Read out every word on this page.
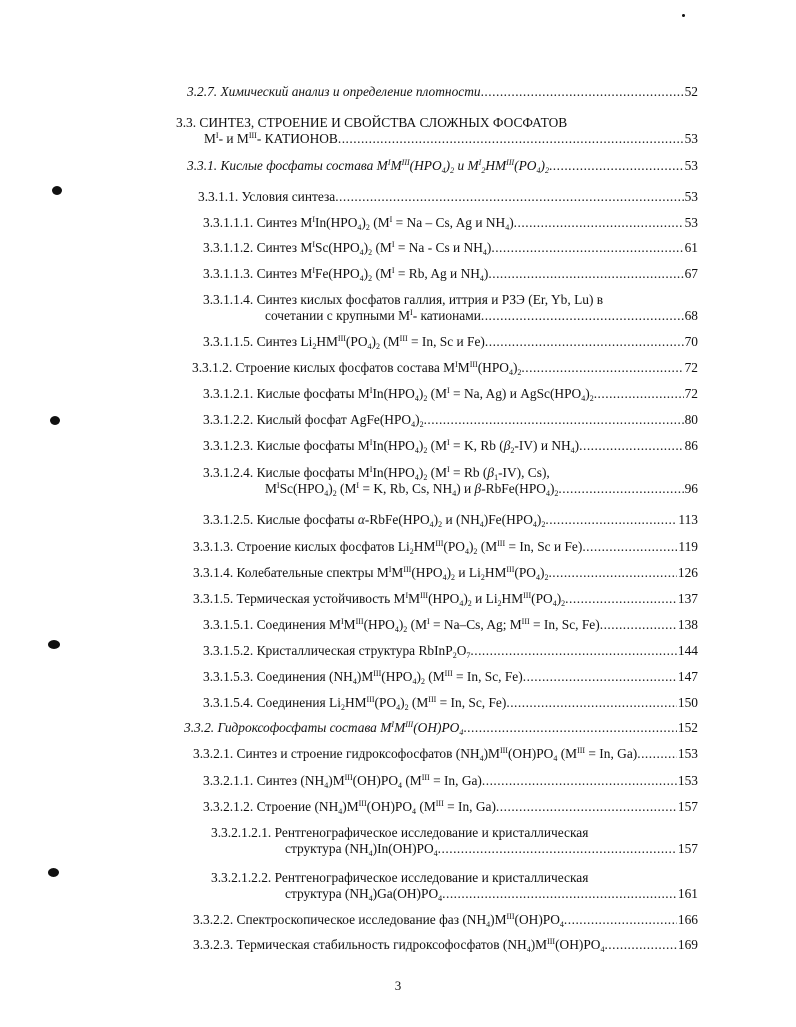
3.2.7. Химический анализ и определение плотности .....	52
3.3. СИНТЕЗ, СТРОЕНИЕ И СВОЙСТВА СЛОЖНЫХ ФОСФАТОВ
$M^I-$ и $M^{III}-$ КАТИОНОВ .....	53
3.3.1. Кислые фосфаты состава $M^IM^{III}(HPO_4)_2$ и $M^I_2HM^{III}(PO_4)_2$ .....	53
3.3.1.1. Условия синтеза .....	53
3.3.1.1.1. Синтез $M^IIn(HPO_4)_2$ ($M^I = Na - Cs$, Ag и $NH_4$) .....	53
3.3.1.1.2. Синтез $M^ISc(HPO_4)_2$ ($M^I = Na - Cs$ и $NH_4$) .....	61
3.3.1.1.3. Синтез $M^IFe(HPO_4)_2$ ($M^I = Rb$, Ag и $NH_4$) .....	67
3.3.1.1.4. Синтез кислых фосфатов галлия, иттрия и РЗЭ (Er, Yb, Lu) в
сочетании с крупными $M^I-$ катионами .....	68
3.3.1.1.5. Синтез $Li_2HM^{III}(PO_4)_2$ ($M^{III} = In$, Sc и Fe) .....	70
3.3.1.2. Строение кислых фосфатов состава $M^IM^{III}(HPO_4)_2$ .....	72
3.3.1.2.1. Кислые фосфаты $M^IIn(HPO_4)_2$ ($M^I = Na$, Ag) и $AgSc(HPO_4)_2$ .....	72
3.3.1.2.2. Кислый фосфат $AgFe(HPO_4)_2$ .....	80
3.3.1.2.3. Кислые фосфаты $M^IIn(HPO_4)_2$ ($M^I = K$, Rb $(\beta_2-IV)$ и $NH_4$) .....	86
3.3.1.2.4. Кислые фосфаты $M^IIn(HPO_4)_2$ ($M^I = Rb$ $(\beta_1-IV)$, Cs),
$M^ISc(HPO_4)_2$ ($M^I = K$, Rb, Cs, $NH_4$) и $\beta-RbFe(HPO_4)_2$ .....	96
3.3.1.2.5. Кислые фосфаты $\alpha-RbFe(HPO_4)_2$ и $(NH_4)Fe(HPO_4)_2$ .....	113
3.3.1.3. Строение кислых фосфатов $Li_2HM^{III}(PO_4)_2$ ($M^{III} = In$, Sc и Fe) .....	119
3.3.1.4. Колебательные спектры $M^IM^{III}(HPO_4)_2$ и $Li_2HM^{III}(PO_4)_2$ .....	126
3.3.1.5. Термическая устойчивость $M^IM^{III}(HPO_4)_2$ и $Li_2HM^{III}(PO_4)_2$ .....	137
3.3.1.5.1. Соединения $M^IM^{III}(HPO_4)_2$ ($M^I = Na-Cs$, Ag; $M^{III} = In$, Sc, Fe) .....	138
3.3.1.5.2. Кристаллическая структура $RbInP_2O_7$ .....	144
3.3.1.5.3. Соединения $(NH_4)M^{III}(HPO_4)_2$ ($M^{III} = In$, Sc, Fe) .....	147
3.3.1.5.4. Соединения $Li_2HM^{III}(PO_4)_2$ ($M^{III} = In$, Sc, Fe) .....	150
3.3.2. Гидроксофосфаты состава $M^IM^{III}(OH)PO_4$ .....	152
3.3.2.1. Синтез и строение гидроксофосфатов $(NH_4)M^{III}(OH)PO_4$ ($M^{III} = In$, Ga) .....	153
3.3.2.1.1. Синтез $(NH_4)M^{III}(OH)PO_4$ ($M^{III} = In$, Ga) .....	153
3.3.2.1.2. Строение $(NH_4)M^{III}(OH)PO_4$ ($M^{III} = In$, Ga) .....	157
3.3.2.1.2.1. Рентгенографическое исследование и кристаллическая
структура $(NH_4)In(OH)PO_4$ .....	157
3.3.2.1.2.2. Рентгенографическое исследование и кристаллическая
структура $(NH_4)Ga(OH)PO_4$ .....	161
3.3.2.2. Спектроскопическое исследование фаз $(NH_4)M^{III}(OH)PO_4$ .....	166
3.3.2.3. Термическая стабильность гидроксофосфатов $(NH_4)M^{III}(OH)PO_4$ .....	169
3
